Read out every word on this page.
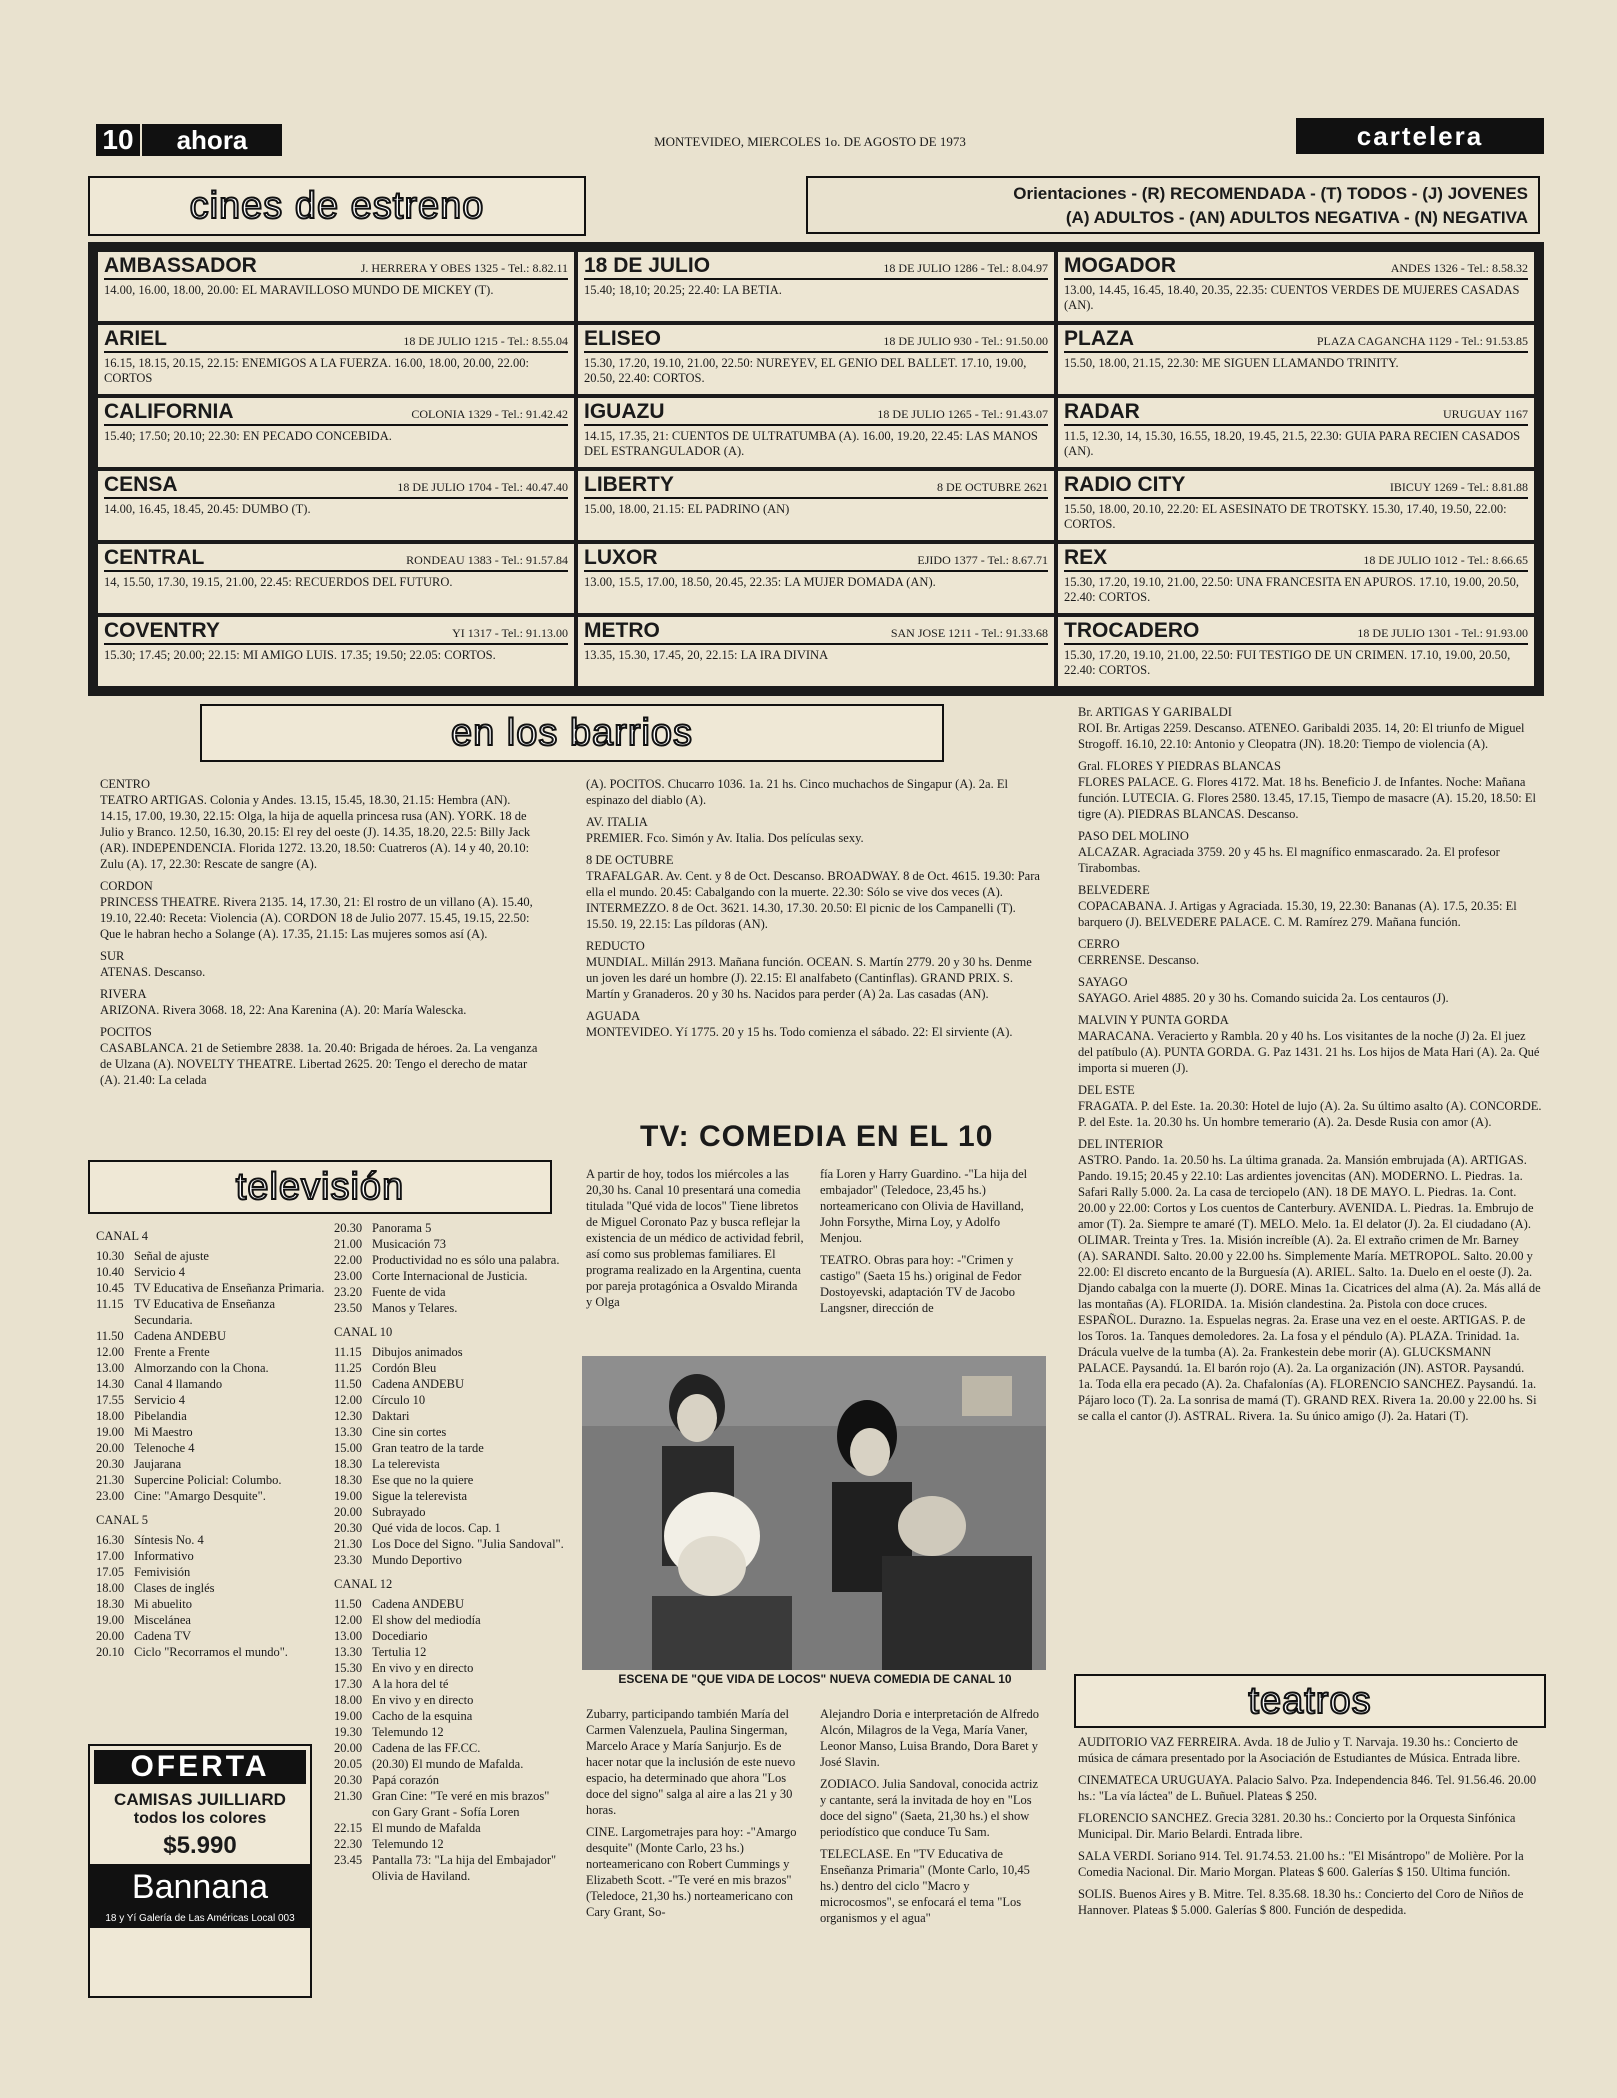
10	ahora	MONTEVIDEO, MIERCOLES 1o. DE AGOSTO DE 1973	cartelera
cines de estreno	Orientaciones - (R) RECOMENDADA - (T) TODOS - (J) JOVENES
(A) ADULTOS - (AN) ADULTOS NEGATIVA - (N) NEGATIVA
AMBASSADOR	J. HERRERA Y OBES 1325 - Tel.: 8.82.11
14.00, 16.00, 18.00, 20.00: EL MARAVILLOSO MUNDO DE MICKEY (T).
18 DE JULIO	18 DE JULIO 1286 - Tel.: 8.04.97
15.40; 18,10; 20.25; 22.40: LA BETIA.
MOGADOR	ANDES 1326 - Tel.: 8.58.32
13.00, 14.45, 16.45, 18.40, 20.35, 22.35: CUENTOS VERDES DE MUJERES CASADAS (AN).
ARIEL	18 DE JULIO 1215 - Tel.: 8.55.04
16.15, 18.15, 20.15, 22.15: ENEMIGOS A LA FUERZA. 16.00, 18.00, 20.00, 22.00: CORTOS
ELISEO	18 DE JULIO 930 - Tel.: 91.50.00
15.30, 17.20, 19.10, 21.00, 22.50: NUREYEV, EL GENIO DEL BALLET. 17.10, 19.00, 20.50, 22.40: CORTOS.
PLAZA	PLAZA CAGANCHA 1129 - Tel.: 91.53.85
15.50, 18.00, 21.15, 22.30: ME SIGUEN LLAMANDO TRINITY.
CALIFORNIA	COLONIA 1329 - Tel.: 91.42.42
15.40; 17.50; 20.10; 22.30: EN PECADO CONCEBIDA.
IGUAZU	18 DE JULIO 1265 - Tel.: 91.43.07
14.15, 17.35, 21: CUENTOS DE ULTRATUMBA (A). 16.00, 19.20, 22.45: LAS MANOS DEL ESTRANGULADOR (A).
RADAR	URUGUAY 1167
11.5, 12.30, 14, 15.30, 16.55, 18.20, 19.45, 21.5, 22.30: GUIA PARA RECIEN CASADOS (AN).
CENSA	18 DE JULIO 1704 - Tel.: 40.47.40
14.00, 16.45, 18.45, 20.45: DUMBO (T).
LIBERTY	8 DE OCTUBRE 2621
15.00, 18.00, 21.15: EL PADRINO (AN)
RADIO CITY	IBICUY 1269 - Tel.: 8.81.88
15.50, 18.00, 20.10, 22.20: EL ASESINATO DE TROTSKY. 15.30, 17.40, 19.50, 22.00: CORTOS.
CENTRAL	RONDEAU 1383 - Tel.: 91.57.84
14, 15.50, 17.30, 19.15, 21.00, 22.45: RECUERDOS DEL FUTURO.
LUXOR	EJIDO 1377 - Tel.: 8.67.71
13.00, 15.5, 17.00, 18.50, 20.45, 22.35: LA MUJER DOMADA (AN).
REX	18 DE JULIO 1012 - Tel.: 8.66.65
15.30, 17.20, 19.10, 21.00, 22.50: UNA FRANCESITA EN APUROS. 17.10, 19.00, 20.50, 22.40: CORTOS.
COVENTRY	YI 1317 - Tel.: 91.13.00
15.30; 17.45; 20.00; 22.15: MI AMIGO LUIS. 17.35; 19.50; 22.05: CORTOS.
METRO	SAN JOSE 1211 - Tel.: 91.33.68
13.35, 15.30, 17.45, 20, 22.15: LA IRA DIVINA
TROCADERO	18 DE JULIO 1301 - Tel.: 91.93.00
15.30, 17.20, 19.10, 21.00, 22.50: FUI TESTIGO DE UN CRIMEN. 17.10, 19.00, 20.50, 22.40: CORTOS.
en los barrios

CENTRO

TEATRO ARTIGAS. Colonia y Andes. 13.15, 15.45, 18.30, 21.15: Hembra (AN). 14.15, 17.00, 19.30, 22.15: Olga, la hija de aquella princesa rusa (AN). YORK. 18 de Julio y Branco. 12.50, 16.30, 20.15: El rey del oeste (J). 14.35, 18.20, 22.5: Billy Jack (AR). INDEPENDENCIA. Florida 1272. 13.20, 18.50: Cuatreros (A). 14 y 40, 20.10: Zulu (A). 17, 22.30: Rescate de sangre (A).

CORDON

PRINCESS THEATRE. Rivera 2135. 14, 17.30, 21: El rostro de un villano (A). 15.40, 19.10, 22.40: Receta: Violencia (A). CORDON 18 de Julio 2077. 15.45, 19.15, 22.50: Que le habran hecho a Solange (A). 17.35, 21.15: Las mujeres somos así (A).

SUR

ATENAS. Descanso.

RIVERA

ARIZONA. Rivera 3068. 18, 22: Ana Karenina (A). 20: María Walescka.

POCITOS

CASABLANCA. 21 de Setiembre 2838. 1a. 20.40: Brigada de héroes. 2a. La venganza de Ulzana (A). NOVELTY THEATRE. Libertad 2625. 20: Tengo el derecho de matar (A). 21.40: La celada

(A). POCITOS. Chucarro 1036. 1a. 21 hs. Cinco muchachos de Singapur (A). 2a. El espinazo del diablo (A).

AV. ITALIA

PREMIER. Fco. Simón y Av. Italia. Dos películas sexy.

8 DE OCTUBRE

TRAFALGAR. Av. Cent. y 8 de Oct. Descanso. BROADWAY. 8 de Oct. 4615. 19.30: Para ella el mundo. 20.45: Cabalgando con la muerte. 22.30: Sólo se vive dos veces (A). INTERMEZZO. 8 de Oct. 3621. 14.30, 17.30. 20.50: El picnic de los Campanelli (T). 15.50. 19, 22.15: Las píldoras (AN).

REDUCTO

MUNDIAL. Millán 2913. Mañana función. OCEAN. S. Martín 2779. 20 y 30 hs. Denme un joven les daré un hombre (J). 22.15: El analfabeto (Cantinflas). GRAND PRIX. S. Martín y Granaderos. 20 y 30 hs. Nacidos para perder (A) 2a. Las casadas (AN).

AGUADA

MONTEVIDEO. Yí 1775. 20 y 15 hs. Todo comienza el sábado. 22: El sirviente (A).

Br. ARTIGAS Y GARIBALDI

ROI. Br. Artigas 2259. Descanso. ATENEO. Garibaldi 2035. 14, 20: El triunfo de Miguel Strogoff. 16.10, 22.10: Antonio y Cleopatra (JN). 18.20: Tiempo de violencia (A).

Gral. FLORES Y PIEDRAS BLANCAS

FLORES PALACE. G. Flores 4172. Mat. 18 hs. Beneficio J. de Infantes. Noche: Mañana función. LUTECIA. G. Flores 2580. 13.45, 17.15, Tiempo de masacre (A). 15.20, 18.50: El tigre (A). PIEDRAS BLANCAS. Descanso.

PASO DEL MOLINO

ALCAZAR. Agraciada 3759. 20 y 45 hs. El magnífico enmascarado. 2a. El profesor Tirabombas.

BELVEDERE

COPACABANA. J. Artigas y Agraciada. 15.30, 19, 22.30: Bananas (A). 17.5, 20.35: El barquero (J). BELVEDERE PALACE. C. M. Ramírez 279. Mañana función.

CERRO

CERRENSE. Descanso.

SAYAGO

SAYAGO. Ariel 4885. 20 y 30 hs. Comando suicida 2a. Los centauros (J).

MALVIN Y PUNTA GORDA

MARACANA. Veracierto y Rambla. 20 y 40 hs. Los visitantes de la noche (J) 2a. El juez del patíbulo (A). PUNTA GORDA. G. Paz 1431. 21 hs. Los hijos de Mata Hari (A). 2a. Qué importa si mueren (J).

DEL ESTE

FRAGATA. P. del Este. 1a. 20.30: Hotel de lujo (A). 2a. Su último asalto (A). CONCORDE. P. del Este. 1a. 20.30 hs. Un hombre temerario (A). 2a. Desde Rusia con amor (A).

DEL INTERIOR

ASTRO. Pando. 1a. 20.50 hs. La última granada. 2a. Mansión embrujada (A). ARTIGAS. Pando. 19.15; 20.45 y 22.10: Las ardientes jovencitas (AN). MODERNO. L. Piedras. 1a. Safari Rally 5.000. 2a. La casa de terciopelo (AN). 18 DE MAYO. L. Piedras. 1a. Cont. 20.00 y 22.00: Cortos y Los cuentos de Canterbury. AVENIDA. L. Piedras. 1a. Embrujo de amor (T). 2a. Siempre te amaré (T). MELO. Melo. 1a. El delator (J). 2a. El ciudadano (A). OLIMAR. Treinta y Tres. 1a. Misión increíble (A). 2a. El extraño crimen de Mr. Barney (A). SARANDI. Salto. 20.00 y 22.00 hs. Simplemente María. METROPOL. Salto. 20.00 y 22.00: El discreto encanto de la Burguesía (A). ARIEL. Salto. 1a. Duelo en el oeste (J). 2a. Djando cabalga con la muerte (J). DORE. Minas 1a. Cicatrices del alma (A). 2a. Más allá de las montañas (A). FLORIDA. 1a. Misión clandestina. 2a. Pistola con doce cruces. ESPAÑOL. Durazno. 1a. Espuelas negras. 2a. Erase una vez en el oeste. ARTIGAS. P. de los Toros. 1a. Tanques demoledores. 2a. La fosa y el péndulo (A). PLAZA. Trinidad. 1a. Drácula vuelve de la tumba (A). 2a. Frankestein debe morir (A). GLUCKSMANN PALACE. Paysandú. 1a. El barón rojo (A). 2a. La organización (JN). ASTOR. Paysandú. 1a. Toda ella era pecado (A). 2a. Chafalonías (A). FLORENCIO SANCHEZ. Paysandú. 1a. Pájaro loco (T). 2a. La sonrisa de mamá (T). GRAND REX. Rivera 1a. 20.00 y 22.00 hs. Si se calla el cantor (J). ASTRAL. Rivera. 1a. Su único amigo (J). 2a. Hatari (T).

televisión
CANAL 4
10.30 Señal de ajuste
10.40 Servicio 4
10.45 TV Educativa de Enseñanza Primaria.
11.15 TV Educativa de Enseñanza Secundaria.
11.50 Cadena ANDEBU
12.00 Frente a Frente
13.00 Almorzando con la Chona.
14.30 Canal 4 llamando
17.55 Servicio 4
18.00 Pibelandia
19.00 Mi Maestro
20.00 Telenoche 4
20.30 Jaujarana
21.30 Supercine Policial: Columbo.
23.00 Cine: "Amargo Desquite".
CANAL 5
16.30 Síntesis No. 4
17.00 Informativo
17.05 Femivisión
18.00 Clases de inglés
18.30 Mi abuelito
19.00 Miscelánea
20.00 Cadena TV
20.10 Ciclo "Recorramos el mundo".
20.30 Panorama 5
21.00 Musicación 73
22.00 Productividad no es sólo una palabra.
23.00 Corte Internacional de Justicia.
23.20 Fuente de vida
23.50 Manos y Telares.
CANAL 10
11.15 Dibujos animados
11.25 Cordón Bleu
11.50 Cadena ANDEBU
12.00 Círculo 10
12.30 Daktari
13.30 Cine sin cortes
15.00 Gran teatro de la tarde
18.30 La telerevista
18.30 Ese que no la quiere
19.00 Sigue la telerevista
20.00 Subrayado
20.30 Qué vida de locos. Cap. 1
21.30 Los Doce del Signo. "Julia Sandoval".
23.30 Mundo Deportivo
CANAL 12
11.50 Cadena ANDEBU
12.00 El show del mediodía
13.00 Docediario
13.30 Tertulia 12
15.30 En vivo y en directo
17.30 A la hora del té
18.00 En vivo y en directo
19.00 Cacho de la esquina
19.30 Telemundo 12
20.00 Cadena de las FF.CC.
20.05 (20.30) El mundo de Mafalda.
20.30 Papá corazón
21.30 Gran Cine: "Te veré en mis brazos" con Gary Grant - Sofía Loren
22.15 El mundo de Mafalda
22.30 Telemundo 12
23.45 Pantalla 73: "La hija del Embajador" Olivia de Haviland.
OFERTA
CAMISAS JUILLIARD
todos los colores
$5.990
Bannana
18 y Yí Galería de Las Américas Local 003
TV: COMEDIA EN EL 10
A partir de hoy, todos los miércoles a las 20,30 hs. Canal 10 presentará una comedia titulada "Qué vida de locos" Tiene libretos de Miguel Coronato Paz y busca reflejar la existencia de un médico de actividad febril, así como sus problemas familiares. El programa realizado en la Argentina, cuenta por pareja protagónica a Osvaldo Miranda y Olga

fía Loren y Harry Guardino. -"La hija del embajador" (Teledoce, 23,45 hs.) norteamericano con Olivia de Havilland, John Forsythe, Mirna Loy, y Adolfo Menjou.

TEATRO. Obras para hoy: -"Crimen y castigo" (Saeta 15 hs.) original de Fedor Dostoyevski, adaptación TV de Jacobo Langsner, dirección de

ESCENA DE "QUE VIDA DE LOCOS" NUEVA COMEDIA DE CANAL 10

Zubarry, participando también María del Carmen Valenzuela, Paulina Singerman, Marcelo Arace y María Sanjurjo. Es de hacer notar que la inclusión de este nuevo espacio, ha determinado que ahora "Los doce del signo" salga al aire a las 21 y 30 horas.

CINE. Largometrajes para hoy: -"Amargo desquite" (Monte Carlo, 23 hs.) norteamericano con Robert Cummings y Elizabeth Scott. -"Te veré en mis brazos" (Teledoce, 21,30 hs.) norteamericano con Cary Grant, So-

Alejandro Doria e interpretación de Alfredo Alcón, Milagros de la Vega, María Vaner, Leonor Manso, Luisa Brando, Dora Baret y José Slavin.

ZODIACO. Julia Sandoval, conocida actriz y cantante, será la invitada de hoy en "Los doce del signo" (Saeta, 21,30 hs.) el show periodístico que conduce Tu Sam.

TELECLASE. En "TV Educativa de Enseñanza Primaria" (Monte Carlo, 10,45 hs.) dentro del ciclo "Macro y microcosmos", se enfocará el tema "Los organismos y el agua"

teatros

AUDITORIO VAZ FERREIRA. Avda. 18 de Julio y T. Narvaja. 19.30 hs.: Concierto de música de cámara presentado por la Asociación de Estudiantes de Música. Entrada libre.

CINEMATECA URUGUAYA. Palacio Salvo. Pza. Independencia 846. Tel. 91.56.46. 20.00 hs.: "La vía láctea" de L. Buñuel. Plateas $ 250.

FLORENCIO SANCHEZ. Grecia 3281. 20.30 hs.: Concierto por la Orquesta Sinfónica Municipal. Dir. Mario Belardi. Entrada libre.

SALA VERDI. Soriano 914. Tel. 91.74.53. 21.00 hs.: "El Misántropo" de Molière. Por la Comedia Nacional. Dir. Mario Morgan. Plateas $ 600. Galerías $ 150. Ultima función.

SOLIS. Buenos Aires y B. Mitre. Tel. 8.35.68. 18.30 hs.: Concierto del Coro de Niños de Hannover. Plateas $ 5.000. Galerías $ 800. Función de despedida.
